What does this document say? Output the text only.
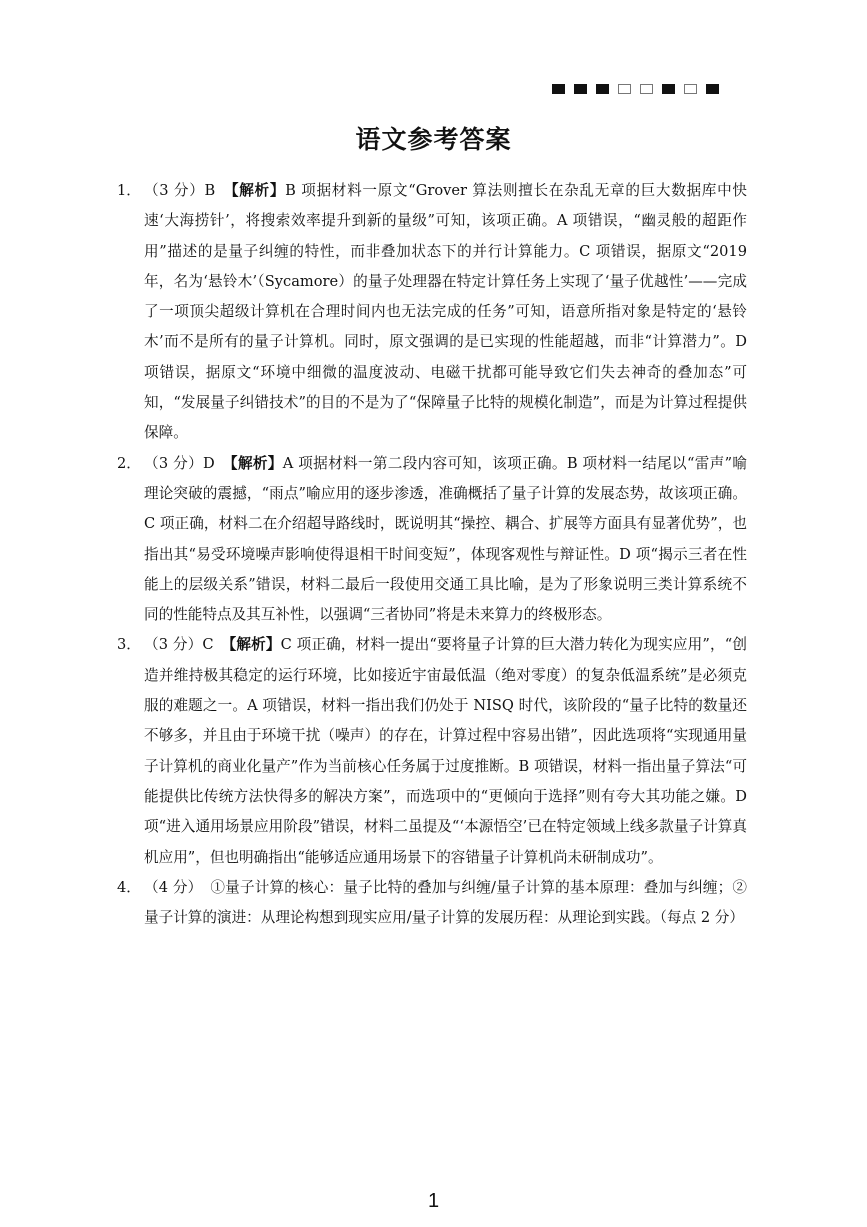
语文参考答案
1． （3 分）B 【解析】B 项据材料一原文“Grover 算法则擅长在杂乱无章的巨大数据库中快速‘大海捞针’，将搜索效率提升到新的量级”可知，该项正确。A 项错误，“幽灵般的超距作用”描述的是量子纠缠的特性，而非叠加状态下的并行计算能力。C 项错误，据原文“2019 年，名为‘悬铃木’（Sycamore）的量子处理器在特定计算任务上实现了‘量子优越性’——完成了一项顶尖超级计算机在合理时间内也无法完成的任务”可知，语意所指对象是特定的‘悬铃木’而不是所有的量子计算机。同时，原文强调的是已实现的性能超越，而非“计算潜力”。D 项错误，据原文“环境中细微的温度波动、电磁干扰都可能导致它们失去神奇的叠加态”可知，“发展量子纠错技术”的目的不是为了“保障量子比特的规模化制造”，而是为计算过程提供保障。
2． （3 分）D 【解析】A 项据材料一第二段内容可知，该项正确。B 项材料一结尾以“雷声”喻理论突破的震撼，“雨点”喻应用的逐步渗透，准确概括了量子计算的发展态势，故该项正确。C 项正确，材料二在介绍超导路线时，既说明其“操控、耦合、扩展等方面具有显著优势”，也指出其“易受环境噪声影响使得退相干时间变短”，体现客观性与辩证性。D 项“揭示三者在性能上的层级关系”错误，材料二最后一段使用交通工具比喻，是为了形象说明三类计算系统不同的性能特点及其互补性，以强调“三者协同”将是未来算力的终极形态。
3． （3 分）C 【解析】C 项正确，材料一提出“要将量子计算的巨大潜力转化为现实应用”，“创造并维持极其稳定的运行环境，比如接近宇宙最低温（绝对零度）的复杂低温系统”是必须克服的难题之一。A 项错误，材料一指出我们仍处于 NISQ 时代，该阶段的“量子比特的数量还不够多，并且由于环境干扰（噪声）的存在，计算过程中容易出错”，因此选项将“实现通用量子计算机的商业化量产”作为当前核心任务属于过度推断。B 项错误，材料一指出量子算法“可能提供比传统方法快得多的解决方案”，而选项中的“更倾向于选择”则有夸大其功能之嫌。D 项“进入通用场景应用阶段”错误，材料二虽提及“‘本源悟空’已在特定领域上线多款量子计算真机应用”，但也明确指出“能够适应通用场景下的容错量子计算机尚未研制成功”。
4． （4 分） ①量子计算的核心：量子比特的叠加与纠缠/量子计算的基本原理：叠加与纠缠；②量子计算的演进：从理论构想到现实应用/量子计算的发展历程：从理论到实践。（每点 2 分）
1
